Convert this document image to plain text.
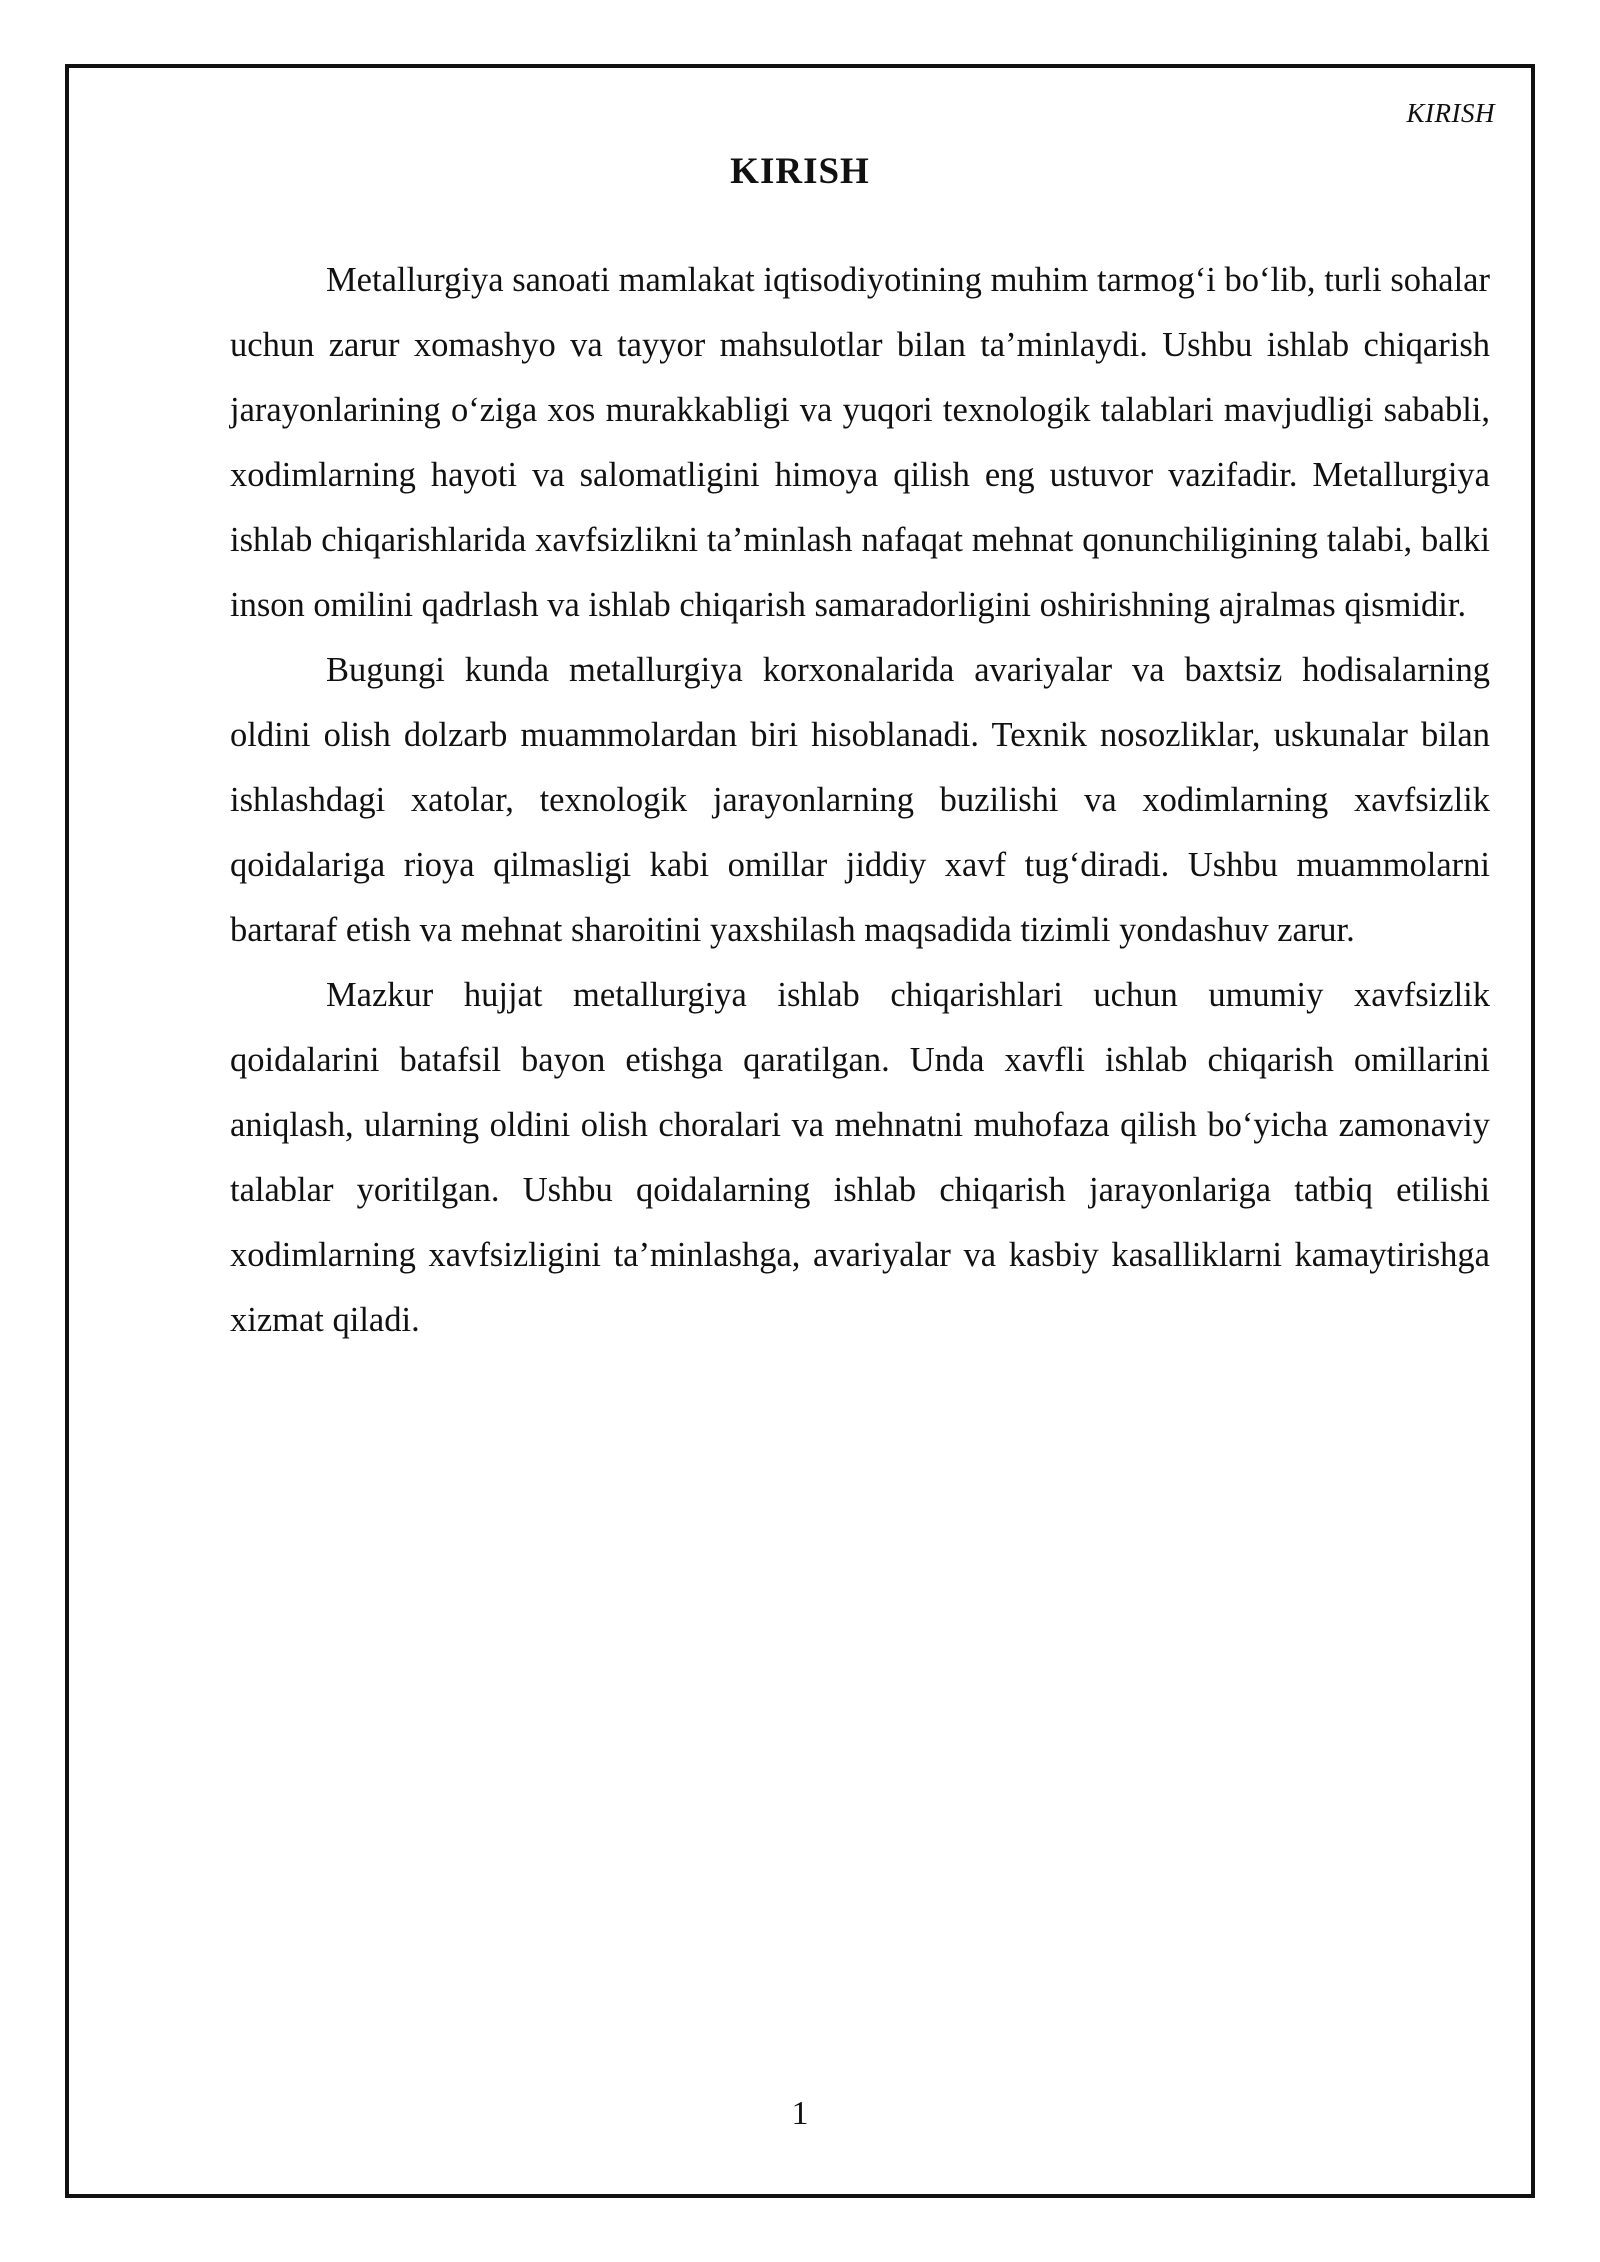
KIRISH
KIRISH

Metallurgiya sanoati mamlakat iqtisodiyotining muhim tarmog‘i bo‘lib, turli sohalar uchun zarur xomashyo va tayyor mahsulotlar bilan ta’minlaydi. Ushbu ishlab chiqarish jarayonlarining o‘ziga xos murakkabligi va yuqori texnologik talablari mavjudligi sababli, xodimlarning hayoti va salomatligini himoya qilish eng ustuvor vazifadir. Metallurgiya ishlab chiqarishlarida xavfsizlikni ta’minlash nafaqat mehnat qonunchiligining talabi, balki inson omilini qadrlash va ishlab chiqarish samaradorligini oshirishning ajralmas qismidir.

Bugungi kunda metallurgiya korxonalarida avariyalar va baxtsiz hodisalarning oldini olish dolzarb muammolardan biri hisoblanadi. Texnik nosozliklar, uskunalar bilan ishlashdagi xatolar, texnologik jarayonlarning buzilishi va xodimlarning xavfsizlik qoidalariga rioya qilmasligi kabi omillar jiddiy xavf tug‘diradi. Ushbu muammolarni bartaraf etish va mehnat sharoitini yaxshilash maqsadida tizimli yondashuv zarur.

Mazkur hujjat metallurgiya ishlab chiqarishlari uchun umumiy xavfsizlik qoidalarini batafsil bayon etishga qaratilgan. Unda xavfli ishlab chiqarish omillarini aniqlash, ularning oldini olish choralari va mehnatni muhofaza qilish bo‘yicha zamonaviy talablar yoritilgan. Ushbu qoidalarning ishlab chiqarish jarayonlariga tatbiq etilishi xodimlarning xavfsizligini ta’minlashga, avariyalar va kasbiy kasalliklarni kamaytirishga xizmat qiladi.

1
